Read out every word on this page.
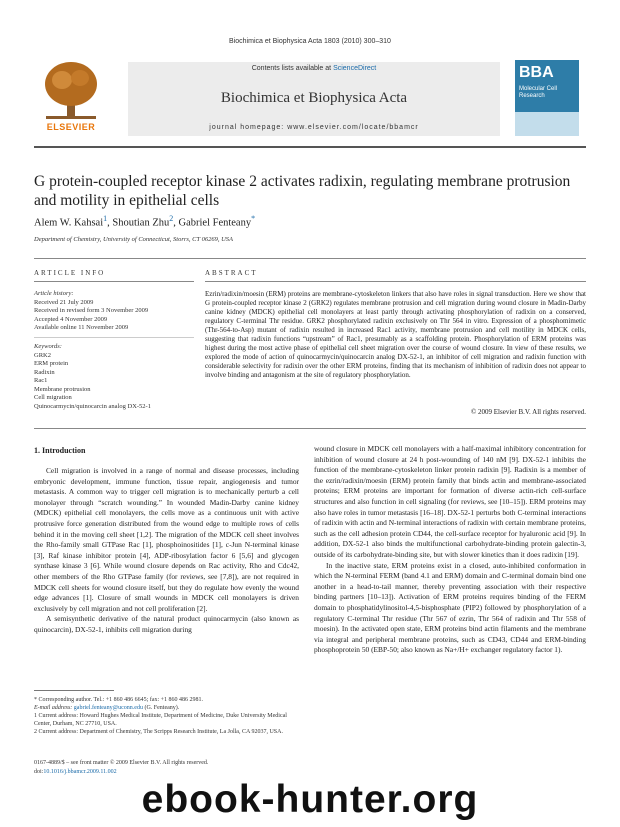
Biochimica et Biophysica Acta 1803 (2010) 300–310
ELSEVIER
Contents lists available at ScienceDirect
Biochimica et Biophysica Acta
journal homepage: www.elsevier.com/locate/bbamcr
BBA
Molecular Cell Research
G protein-coupled receptor kinase 2 activates radixin, regulating membrane protrusion and motility in epithelial cells
Alem W. Kahsai$^1$, Shoutian Zhu$^2$, Gabriel Fenteany*
Department of Chemistry, University of Connecticut, Storrs, CT 06269, USA
ARTICLE INFO	ABSTRACT
Article history:
Received 21 July 2009
Received in revised form 3 November 2009
Accepted 4 November 2009
Available online 11 November 2009
Keywords:
GRK2
ERM protein
Radixin
Rac1
Membrane protrusion
Cell migration
Quinocarmycin/quinocarcin analog DX-52-1
Ezrin/radixin/moesin (ERM) proteins are membrane-cytoskeleton linkers that also have roles in signal transduction. Here we show that G protein-coupled receptor kinase 2 (GRK2) regulates membrane protrusion and cell migration during wound closure in Madin-Darby canine kidney (MDCK) epithelial cell monolayers at least partly through activating phosphorylation of radixin on a conserved, regulatory C-terminal Thr residue. GRK2 phosphorylated radixin exclusively on Thr 564 in vitro. Expression of a phosphomimetic (Thr-564-to-Asp) mutant of radixin resulted in increased Rac1 activity, membrane protrusion and cell motility in MDCK cells, suggesting that radixin functions “upstream” of Rac1, presumably as a scaffolding protein. Phosphorylation of ERM proteins was highest during the most active phase of epithelial cell sheet migration over the course of wound closure. In view of these results, we explored the mode of action of quinocarmycin/quinocarcin analog DX-52-1, an inhibitor of cell migration and radixin function with considerable selectivity for radixin over the other ERM proteins, finding that its mechanism of inhibition of radixin does not appear to involve binding and antagonism at the site of regulatory phosphorylation.
© 2009 Elsevier B.V. All rights reserved.
1. Introduction

Cell migration is involved in a range of normal and disease processes, including embryonic development, immune function, tissue repair, angiogenesis and tumor metastasis. A common way to trigger cell migration is to mechanically perturb a cell monolayer through “scratch wounding.” In wounded Madin-Darby canine kidney (MDCK) epithelial cell monolayers, the cells move as a continuous unit with active protrusive force generation distributed from the wound edge to multiple rows of cells behind it in the moving cell sheet [1,2]. The migration of the MDCK cell sheet involves the Rho-family small GTPase Rac [1], phosphoinositides [1], c-Jun N-terminal kinase [3], Raf kinase inhibitor protein [4], ADP-ribosylation factor 6 [5,6] and glycogen synthase kinase 3 [6]. While wound closure depends on Rac activity, Rho and Cdc42, other members of the Rho GTPase family (for reviews, see [7,8]), are not required in MDCK cell sheets for wound closure itself, but they do regulate how evenly the wound edge advances [1]. Closure of small wounds in MDCK cell monolayers is driven exclusively by cell migration and not cell proliferation [2].

A semisynthetic derivative of the natural product quinocarmycin (also known as quinocarcin), DX-52-1, inhibits cell migration during

wound closure in MDCK cell monolayers with a half-maximal inhibitory concentration for inhibition of wound closure at 24 h post-wounding of 140 nM [9]. DX-52-1 inhibits the function of the membrane-cytoskeleton linker protein radixin [9]. Radixin is a member of the ezrin/radixin/moesin (ERM) protein family that binds actin and membrane-associated proteins; ERM proteins are important for formation of diverse actin-rich cell-surface structures and also function in cell signaling (for reviews, see [10–15]). ERM proteins may also have roles in tumor metastasis [16–18]. DX-52-1 perturbs both C-terminal interactions of radixin with actin and N-terminal interactions of radixin with certain membrane proteins, such as the cell adhesion protein CD44, the cell-surface receptor for hyaluronic acid [9]. In addition, DX-52-1 also binds the multifunctional carbohydrate-binding protein galectin-3, outside of its carbohydrate-binding site, but with slower kinetics than it does radixin [19].

In the inactive state, ERM proteins exist in a closed, auto-inhibited conformation in which the N-terminal FERM (band 4.1 and ERM) domain and C-terminal domain bind one another in a head-to-tail manner, thereby preventing association with their respective binding partners [10–13]). Activation of ERM proteins requires binding of the FERM domain to phosphatidylinositol-4,5-bisphosphate (PIP2) followed by phosphorylation of a regulatory C-terminal Thr residue (Thr 567 of ezrin, Thr 564 of radixin and Thr 558 of moesin). In the activated open state, ERM proteins bind actin filaments and the membrane via integral and peripheral membrane proteins, such as CD43, CD44 and ERM-binding phosphoprotein 50 (EBP-50; also known as Na+/H+ exchanger regulatory factor 1).

* Corresponding author. Tel.: +1 860 486 6645; fax: +1 860 486 2981.
E-mail address: gabriel.fenteany@uconn.edu (G. Fenteany).
1 Current address: Howard Hughes Medical Institute, Department of Medicine, Duke University Medical Center, Durham, NC 27710, USA.
2 Current address: Department of Chemistry, The Scripps Research Institute, La Jolla, CA 92037, USA.
0167-4889/$ – see front matter © 2009 Elsevier B.V. All rights reserved.
doi:10.1016/j.bbamcr.2009.11.002
ebook-hunter.org
